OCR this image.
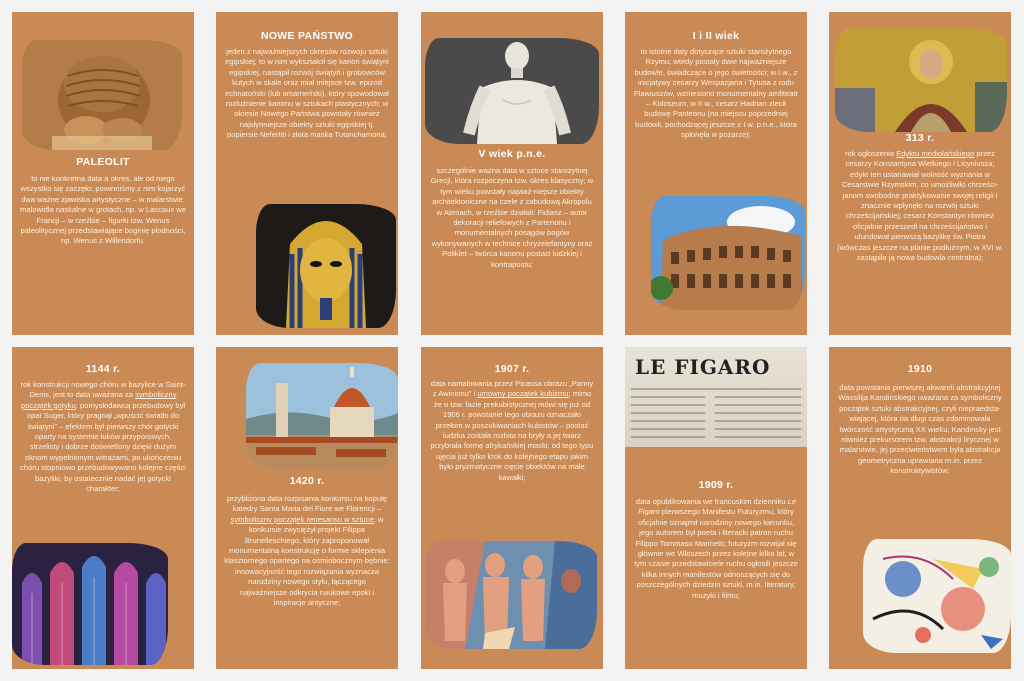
PALEOLIT
to nie konkretna data a okres, ale od niego wszystko się zaczęło; powinniśmy z nim kojarzyć dwa ważne zjawiska artystyczne – w malarstwie: malowidła naskalne w grotach, np. w Lascaux we Francji – w rzeźbie – figurki tzw. Wenus paleolitycznej przedstawiające boginię płodności, np. Wenus z Willendorfu.
NOWE PAŃSTWO
jeden z najważniejszych okresów rozwoju sztuki egipskiej; to w nim wykształcił się kanon świątyni egipskiej, nastąpił rozwój świątyń i grobowców kutych w skale oraz miał miejsce tzw. epizod echnatoński (lub amarneński), który spowodował rozluźnienie kanonu w sztukach plastycznych; w okresie Nowego Państwa powstały również najsłynniejsze obiekty sztuki egipskiej tj. popiersie Nefertiti i złota maska Tutanchamona;
V wiek p.n.e.
szczególnie ważna data w sztuce starożytnej Grecji, która rozpoczyna tzw. okres klasyczny; w tym wieku powstały najważ-niejsze obiekty architektoniczne na czele z zabudową Akropolu w Atenach, w rzeźbie działali: Fidiasz – autor dekoracji reliefowych z Partenonu i monumentalnych posągów bogów wykonywanych w technice chryzelefantyny oraz Poliklet – twórca kanonu postaci ludzkiej i kontrapostu;
I i II wiek
to istotne daty dotyczące sztuki starożytnego Rzymu; wtedy postały dwie najważniejsze budowle, świadczące o jego świetności; w I w., z inicjatywy cesarzy Wespazjana i Tytusa z rodu Flawiuszów, wzniesiono monumentalny amfiteatr – Koloseum, w II w., cesarz Hadrian zlecił budowę Panteonu (na miejscu poprzedniej budowli, pochodzącej jeszcze z I w. p.n.e., która spłonęła w pożarze);	313 r.
rok ogłoszenia Edyktu mediolańskiego przez cesarzy Konstantyna Wielkiego i Licyniusza; edykt ten ustanawiał wolność wyznania w Cesarstwie Rzymskim, co umożliwiło chrześci-janom swobodne praktykowanie swojej religii i znacznie wpłynęło na rozwój sztuki chrześcijańskiej; cesarz Konstantyn również oficjalnie przeszedł na chrześcijaństwo i ufundował pierwszą bazylikę św. Piotra (wówczas jeszcze na planie podłużnym, w XVI w. zastąpiła ją nowa budowla centralna);
1144 r.
rok konstrukcji nowego chóru w bazylice w Saint-Denis, jest to data uważana za symboliczny początek gotyku; pomysłodawcą przebudowy był opat Suger, który pragnął „wpuścić światło do świątyni” – efektem był pierwszy chór gotycki oparty na systemie łuków przyporowych, strzelisty i dobrze doświetlony dzięki dużym oknom wypełnionym witrażami, po ukończeniu chóru stopniowo przebudowywano kolejne części bazyliki, by ostatecznie nadać jej gotycki charakter;
1420 r.
przybliżona data rozpisania konkursu na kopułę katedry Santa Maria del Fiore we Florencji – symboliczny początek renesansu w sztuce; w konkursie zwyciężył projekt Filippa Brunelleschiego, który zaproponował monumentalną konstrukcję o formie sklepienia klasztornego opartego na ośmiobocznym bębnie; innowacyjność tego rozwiązania wyznacza narodziny nowego stylu, łączącego najważniejsze odkrycia naukowe epoki i inspiracje antyczne;
1907 r.
data namalowania przez Picassa obrazu „Panny z Awinionu” i umowny początek kubizmu; mimo że o tzw. fazie prekubistycznej mówi się już od 1906 r. powstanie tego obrazu oznaczało przełom w poszukiwaniach kubistów – postać ludzka została rozbita na bryły a jej twarz przybrała formę afrykańskiej maski; od tego typu ujęcia już tylko krok do kolejnego etapu jakim było pryzmatyczne cięcie obiektów na małe kawałki;
LE FIGARO
1909 r.
data opublikowania we francuskim dzienniku Le Figaro pierwszego Manifestu Futuryzmu, który oficjalnie oznajmił narodziny nowego kierunku, jego autorem był poeta i literacki patron ruchu Filippo Tommaso Marinetti; futuryzm rozwijał się głównie we Włoszech przez kolejne kilka lat, w tym czasie przedstawiciele ruchu ogłosili jeszcze kilka innych manifestów odnoszących się do poszczególnych dziedzin sztuki, m.in. literatury, muzyki i filmu;
1910
data powstania pierwszej akwareli abstrakcyjnej Wassilija Kandinskiego uważana za symboliczny początek sztuki abstrakcyjnej, czyli niepraedsta-wiającej, która na długi czas zdominowała twórczość artystyczną XX wieku; Kandinsky jest również prekursorem tzw. abstrakcji lirycznej w malarstwie, jej przeciwieństwem była abstrakcja geometryczna uprawiana m.in. przez konstruktywistów;
